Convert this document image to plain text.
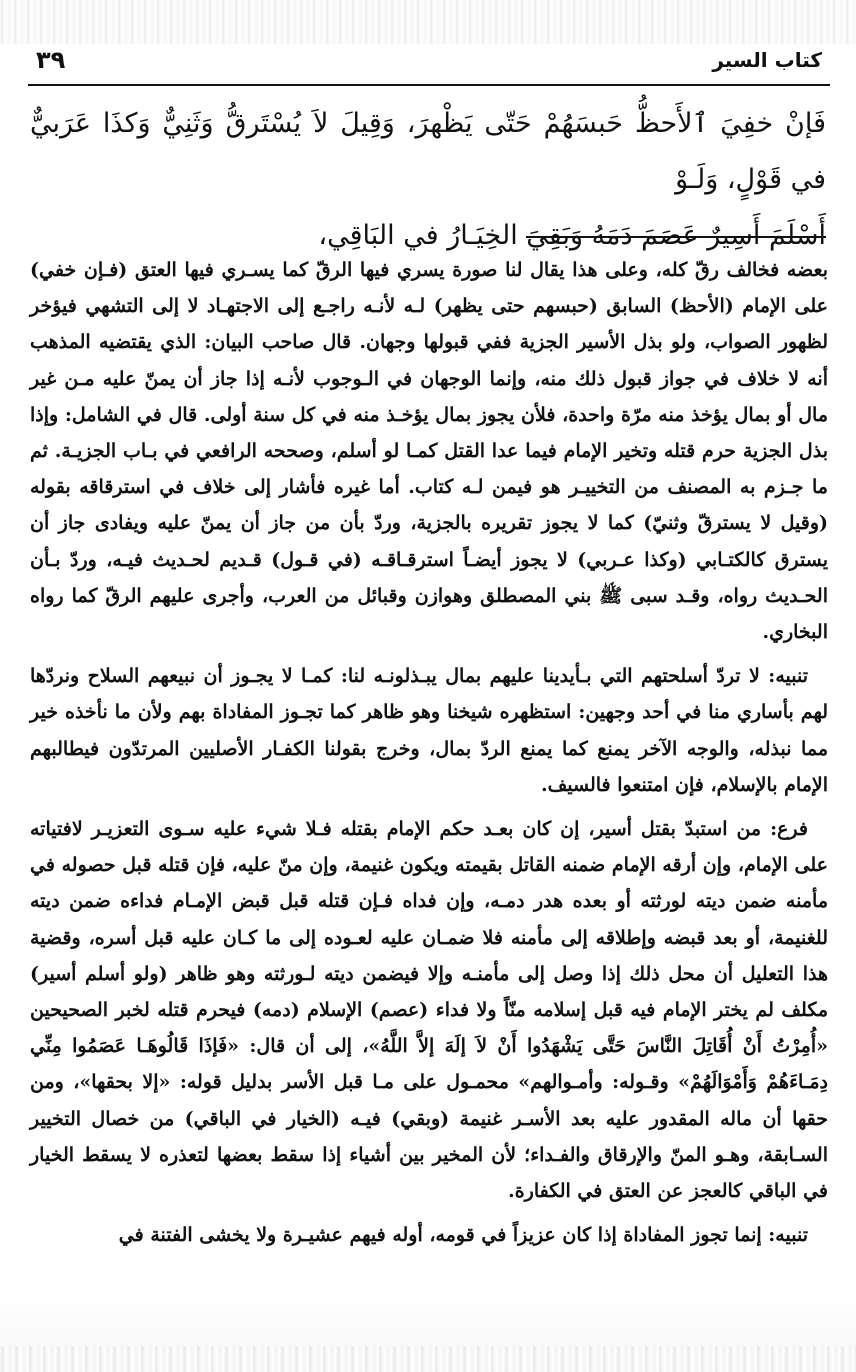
كتاب السير
٣٩

فَإنْ خفِيَ ٱلأَحظُّ حَبسَهُمْ حَتّى يَظْهرَ، وَقِيلَ لاَ يُسْتَرقُّ وَثَنِيٌّ وَكذَا عَرَبيٌّ في قَوْلٍ، وَلَـوْ

أَسْلَمَ أَسِيرٌ عَصَمَ دَمَهُ وَبَقِيَ الخِيَـارُ في البَاقِي،

بعضه فخالف رقّ كله، وعلى هذا يقال لنا صورة يسري فيها الرقّ كما يسـري فيها العتق (فـإن خفي) على الإمام (الأحظ) السابق (حبسهم حتى يظهر) لـه لأنـه راجـع إلى الاجتهـاد لا إلى التشهي فيؤخر لظهور الصواب، ولو بذل الأسير الجزية ففي قبولها وجهان. قال صاحب البيان: الذي يقتضيه المذهب أنه لا خلاف في جواز قبول ذلك منه، وإنما الوجهان في الـوجوب لأنـه إذا جاز أن يمنّ عليه مـن غير مال أو بمال يؤخذ منه مرّة واحدة، فلأن يجوز بمال يؤخـذ منه في كل سنة أولى. قال في الشامل: وإذا بذل الجزية حرم قتله وتخير الإمام فيما عدا القتل كمـا لو أسلم، وصححه الرافعي في بـاب الجزيـة. ثم ما جـزم به المصنف من التخييـر هو فيمن لـه كتاب. أما غيره فأشار إلى خلاف في استرقاقه بقوله (وقيل لا يسترقّ وثنيّ) كما لا يجوز تقريره بالجزية، وردّ بأن من جاز أن يمنّ عليه ويفادى جاز أن يسترق كالكتـابي (وكذا عـربي) لا يجوز أيضـاً استرقـاقـه (في قـول) قـديم لحـديث فيـه، وردّ بـأن الحـديث رواه، وقـد سبى ﷺ بني المصطلق وهوازن وقبائل من العرب، وأجرى عليهم الرقّ كما رواه البخاري.

تنبيه: لا تردّ أسلحتهم التي بـأيدينا عليهم بمال يبـذلونـه لنا: كمـا لا يجـوز أن نبيعهم السلاح ونردّها لهم بأساري منا في أحد وجهين: استظهره شيخنا وهو ظاهر كما تجـوز المفاداة بهم ولأن ما نأخذه خير مما نبذله، والوجه الآخر يمنع كما يمنع الردّ بمال، وخرج بقولنا الكفـار الأصليين المرتدّون فيطالبهم الإمام بالإسلام، فإن امتنعوا فالسيف.

فرع: من استبدّ بقتل أسير، إن كان بعـد حكم الإمام بقتله فـلا شيء عليه سـوى التعزيـر لافتياته على الإمام، وإن أرقه الإمام ضمنه القاتل بقيمته ويكون غنيمة، وإن منّ عليه، فإن قتله قبل حصوله في مأمنه ضمن ديته لورثته أو بعده هدر دمـه، وإن فداه فـإن قتله قبل قبض الإمـام فداءه ضمن ديته للغنيمة، أو بعد قبضه وإطلاقه إلى مأمنه فلا ضمـان عليه لعـوده إلى ما كـان عليه قبل أسره، وقضية هذا التعليل أن محل ذلك إذا وصل إلى مأمنـه وإلا فيضمن ديته لـورثته وهو ظاهر (ولو أسلم أسير) مكلف لم يختر الإمام فيه قبل إسلامه منّاً ولا فداء (عصم) الإسلام (دمه) فيحرم قتله لخبر الصحيحين «أُمِرْتُ أَنْ أُقَاتِلَ النَّاسَ حَتَّى يَشْهَدُوا أَنْ لاَ إلَهَ إلاَّ اللَّهُ»، إلى أن قال: «فَإذَا قَالُوهَـا عَصَمُوا مِنِّي دِمَـاءَهُمْ وَأَمْوَالَهُمْ» وقـوله: وأمـوالهم» محمـول على مـا قبل الأسر بدليل قوله: «إلا بحقها»، ومن حقها أن ماله المقدور عليه بعد الأسـر غنيمة (وبقي) فيـه (الخيار في الباقي) من خصال التخيير السـابقة، وهـو المنّ والإرقاق والفـداء؛ لأن المخير بين أشياء إذا سقط بعضها لتعذره لا يسقط الخيار في الباقي كالعجز عن العتق في الكفارة.

تنبيه: إنما تجوز المفاداة إذا كان عزيزاً في قومه، أوله فيهم عشيـرة ولا يخشى الفتنة في
